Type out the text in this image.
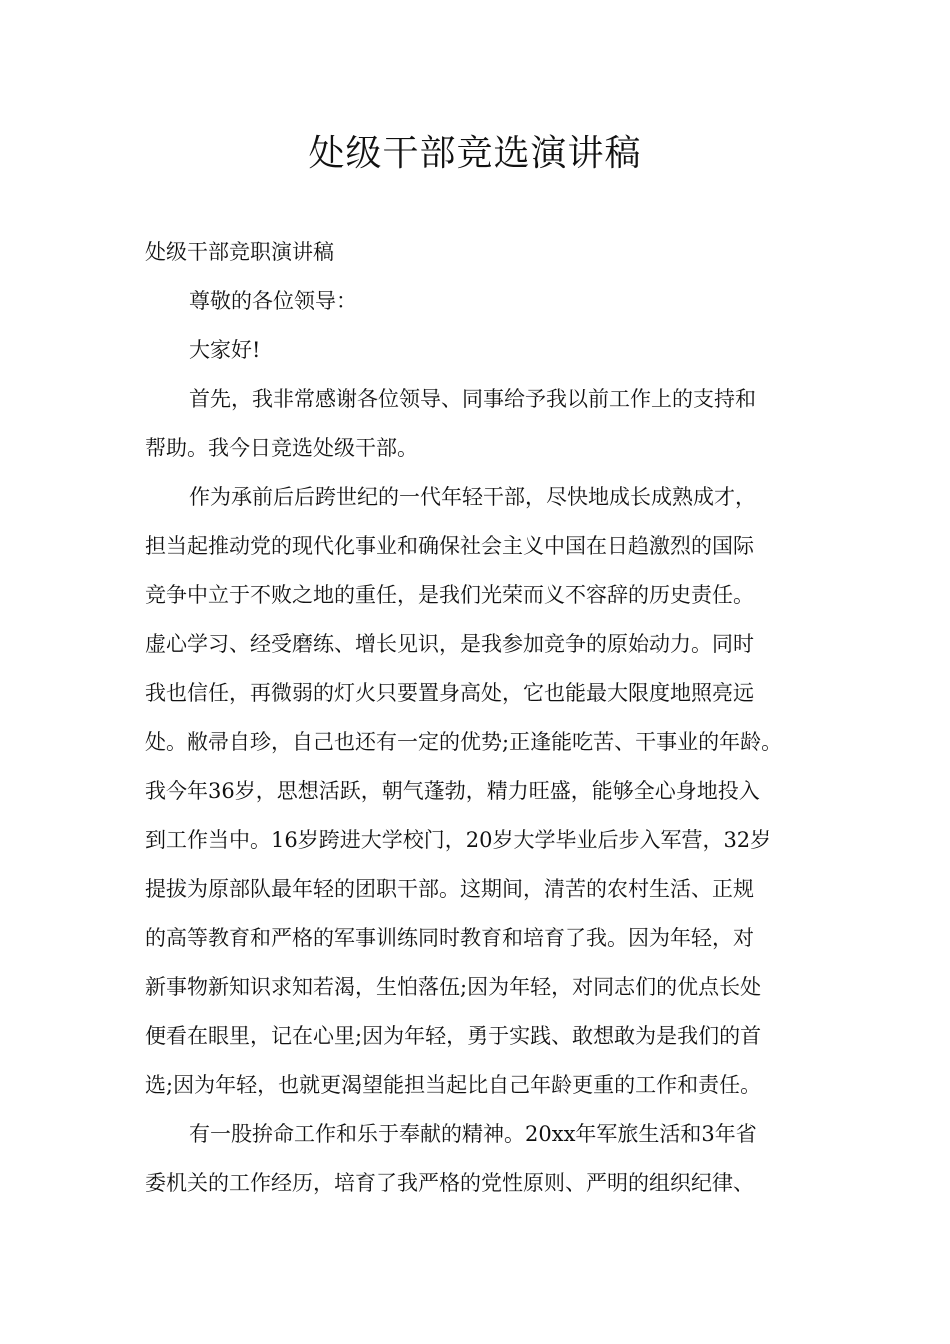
处级干部竞选演讲稿
处级干部竞职演讲稿
尊敬的各位领导：
大家好!
首先，我非常感谢各位领导、同事给予我以前工作上的支持和
帮助。我今日竞选处级干部。
作为承前后后跨世纪的一代年轻干部，尽快地成长成熟成才，
担当起推动党的现代化事业和确保社会主义中国在日趋激烈的国际
竞争中立于不败之地的重任，是我们光荣而义不容辞的历史责任。
虚心学习、经受磨练、增长见识，是我参加竞争的原始动力。同时
我也信任，再微弱的灯火只要置身高处，它也能最大限度地照亮远
处。敝帚自珍，自己也还有一定的优势;正逢能吃苦、干事业的年龄。
我今年36岁，思想活跃，朝气蓬勃，精力旺盛，能够全心身地投入
到工作当中。16岁跨进大学校门，20岁大学毕业后步入军营，32岁
提拔为原部队最年轻的团职干部。这期间，清苦的农村生活、正规
的高等教育和严格的军事训练同时教育和培育了我。因为年轻，对
新事物新知识求知若渴，生怕落伍;因为年轻，对同志们的优点长处
便看在眼里，记在心里;因为年轻，勇于实践、敢想敢为是我们的首
选;因为年轻，也就更渴望能担当起比自己年龄更重的工作和责任。
有一股拚命工作和乐于奉献的精神。20xx年军旅生活和3年省
委机关的工作经历，培育了我严格的党性原则、严明的组织纪律、
